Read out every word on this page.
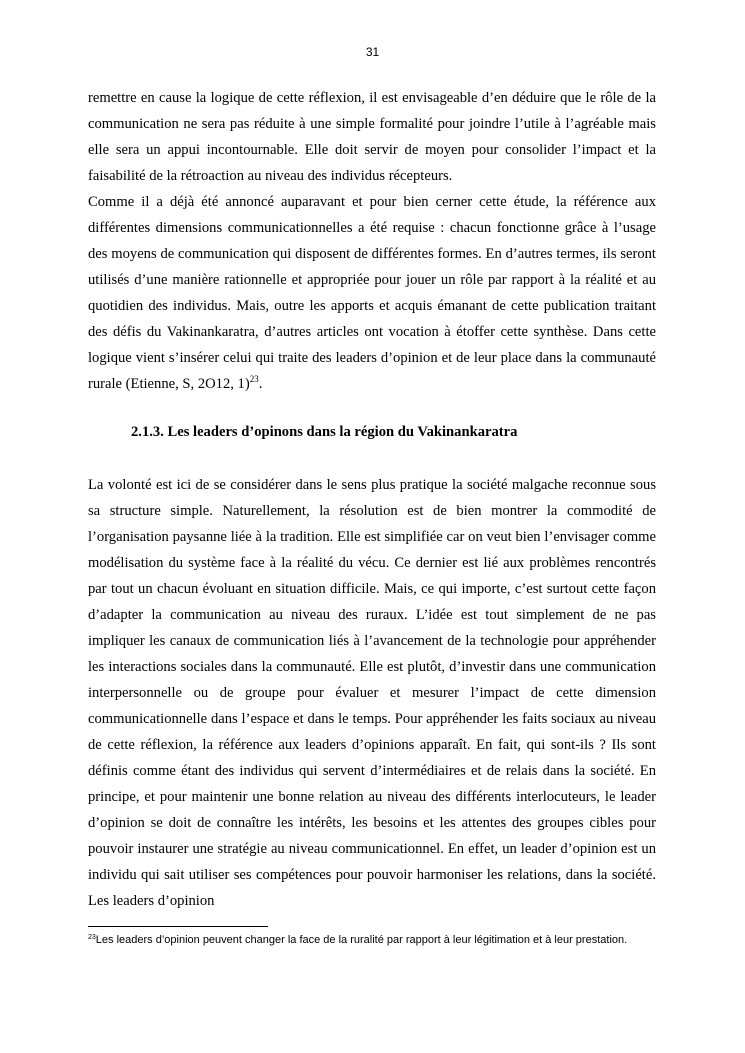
31

remettre en cause la logique de cette réflexion, il est envisageable d’en déduire que le rôle de la communication ne sera pas réduite à une simple formalité pour joindre l’utile à l’agréable mais elle sera un appui incontournable. Elle doit servir de moyen pour consolider l’impact et la faisabilité de la rétroaction au niveau des individus récepteurs.

Comme il a déjà été annoncé auparavant et pour bien cerner cette étude, la référence aux différentes dimensions communicationnelles a été requise : chacun fonctionne grâce à l’usage des moyens de communication qui disposent de différentes formes. En d’autres termes, ils seront utilisés d’une manière rationnelle et appropriée pour jouer un rôle par rapport à la réalité et au quotidien des individus. Mais, outre les apports et acquis émanant de cette publication traitant des défis du Vakinankaratra, d’autres articles ont vocation à étoffer cette synthèse. Dans cette logique vient s’insérer celui qui traite des leaders d’opinion et de leur place dans la communauté rurale (Etienne, S, 2O12, 1)$^{23}$.

2.1.3. Les leaders d’opinons dans la région du Vakinankaratra

La volonté est ici de se considérer dans le sens plus pratique la société malgache reconnue sous sa structure simple. Naturellement, la résolution est de bien montrer la commodité de l’organisation paysanne liée à la tradition. Elle est simplifiée car on veut bien l’envisager comme modélisation du système face à la réalité du vécu. Ce dernier est lié aux problèmes rencontrés par tout un chacun évoluant en situation difficile. Mais, ce qui importe, c’est surtout cette façon d’adapter la communication au niveau des ruraux. L’idée est tout simplement de ne pas impliquer les canaux de communication liés à l’avancement de la technologie pour appréhender les interactions sociales dans la communauté. Elle est plutôt, d’investir dans une communication interpersonnelle ou de groupe pour évaluer et mesurer l’impact de cette dimension communicationnelle dans l’espace et dans le temps. Pour appréhender les faits sociaux au niveau de cette réflexion, la référence aux leaders d’opinions apparaît. En fait, qui sont-ils ? Ils sont définis comme étant des individus qui servent d’intermédiaires et de relais dans la société. En principe, et pour maintenir une bonne relation au niveau des différents interlocuteurs, le leader d’opinion se doit de connaître les intérêts, les besoins et les attentes des groupes cibles pour pouvoir instaurer une stratégie au niveau communicationnel. En effet, un leader d’opinion est un individu qui sait utiliser ses compétences pour pouvoir harmoniser les relations, dans la société. Les leaders d’opinion

$^{23}$Les leaders d’opinion peuvent changer la face de la ruralité par rapport à leur légitimation et à leur prestation.
